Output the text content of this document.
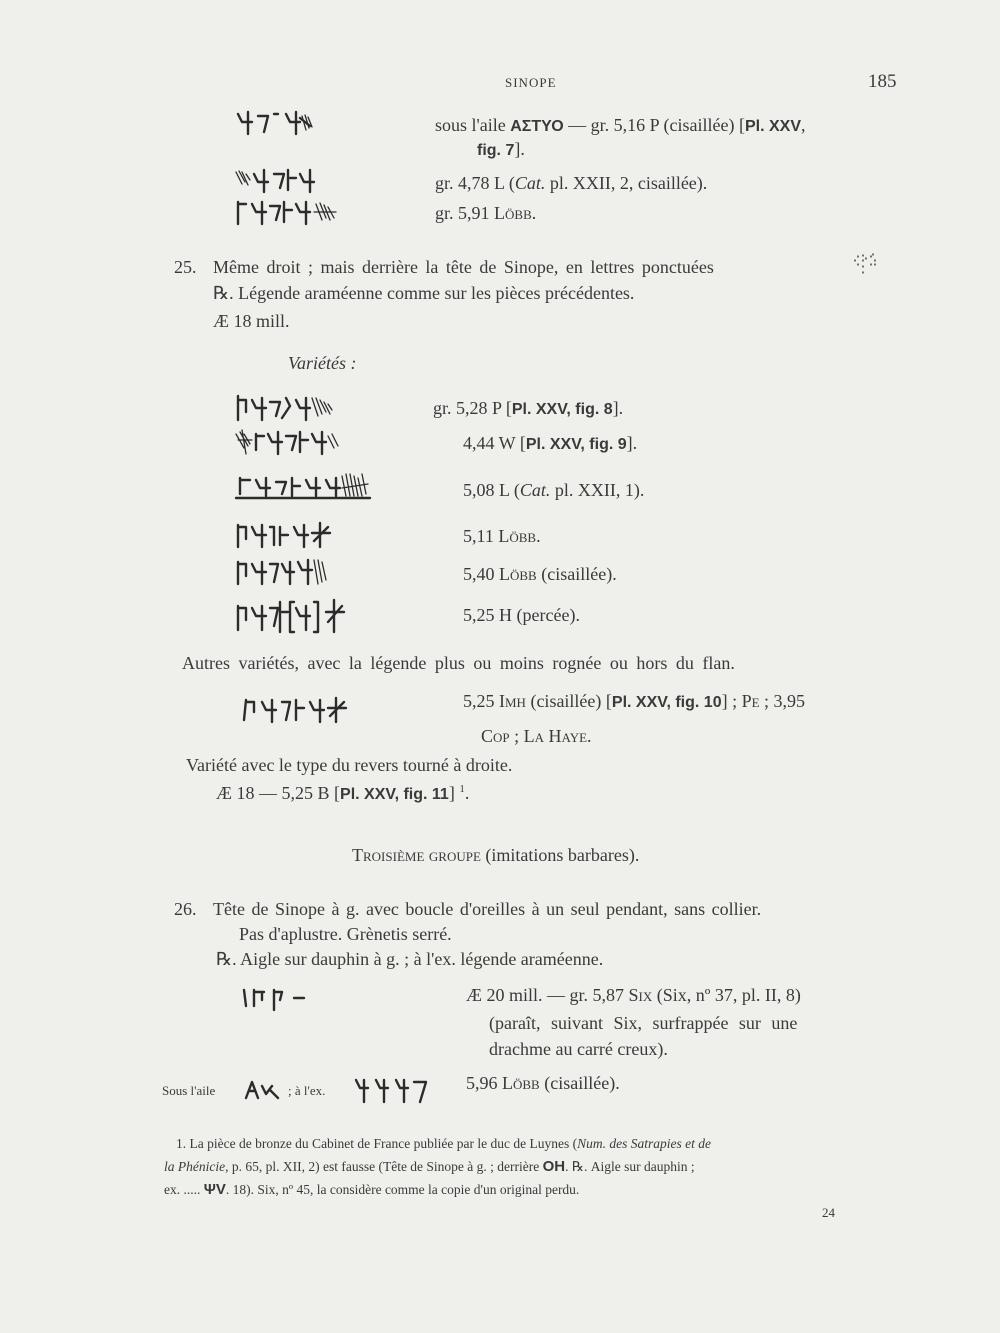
SINOPE	185
sous l'aile ΑΣΤΥΟ — gr. 5,16 P (cisaillée) [Pl. XXV,
fig. 7].
gr. 4,78 L (Cat. pl. XXII, 2, cisaillée).
gr. 5,91 Löbb.
25. Même droit ; mais derrière la tête de Sinope, en lettres ponctuées
℞. Légende araméenne comme sur les pièces précédentes.
Æ 18 mill.
Variétés :
gr. 5,28 P [Pl. XXV, fig. 8].
4,44 W [Pl. XXV, fig. 9].
5,08 L (Cat. pl. XXII, 1).
5,11 Löbb.
5,40 Löbb (cisaillée).
5,25 H (percée).
Autres variétés, avec la légende plus ou moins rognée ou hors du flan.
5,25 Imh (cisaillée) [Pl. XXV, fig. 10] ; Pe ; 3,95
Cop ; La Haye.
Variété avec le type du revers tourné à droite.
Æ 18 — 5,25 B [Pl. XXV, fig. 11] $^1$.
Troisième groupe (imitations barbares).
26. Tête de Sinope à g. avec boucle d'oreilles à un seul pendant, sans collier.
Pas d'aplustre. Grènetis serré.
℞. Aigle sur dauphin à g. ; à l'ex. légende araméenne.
Æ 20 mill. — gr. 5,87 Six (Six, nº 37, pl. II, 8)
(paraît, suivant Six, surfrappée sur une
drachme au carré creux).
Sous l'aile	; à l'ex.	5,96 Löbb (cisaillée).
1. La pièce de bronze du Cabinet de France publiée par le duc de Luynes (Num. des Satrapies et de
la Phénicie, p. 65, pl. XII, 2) est fausse (Tête de Sinope à g. ; derrière OΗ. ℞. Aigle sur dauphin ;
ex. ..... ΨV. 18). Six, nº 45, la considère comme la copie d'un original perdu.
24
